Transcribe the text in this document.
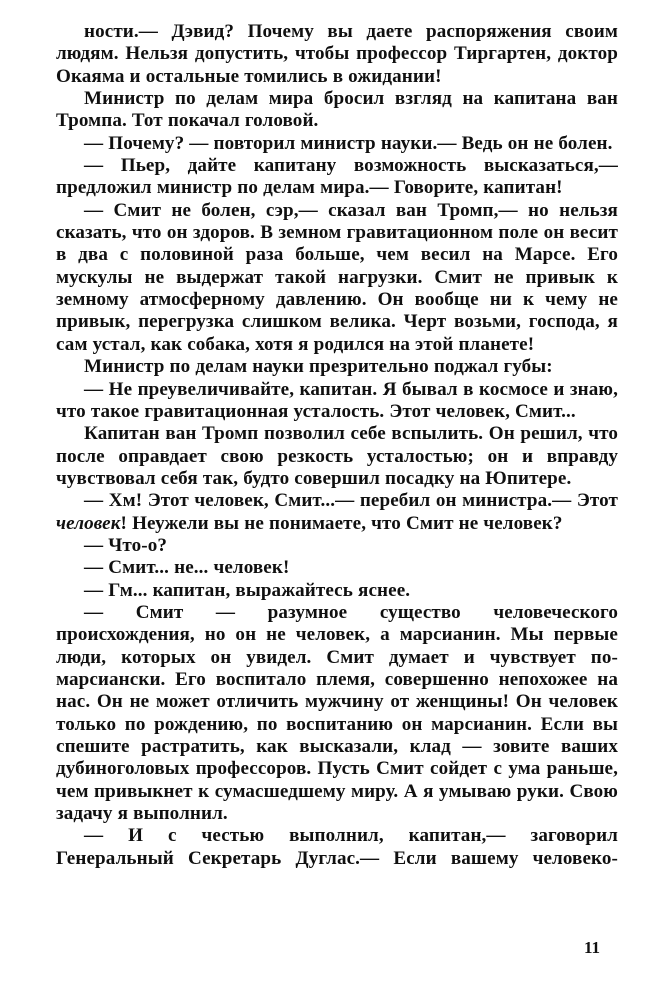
ности.— Дэвид? Почему вы даете распоряжения своим людям. Нельзя допустить, чтобы профессор Тиргартен, доктор Окаяма и остальные томились в ожидании!

Министр по делам мира бросил взгляд на капитана ван Тромпа. Тот покачал головой.

— Почему? — повторил министр науки.— Ведь он не болен.

— Пьер, дайте капитану возможность высказаться,— предложил министр по делам мира.— Говорите, капитан!

— Смит не болен, сэр,— сказал ван Тромп,— но нельзя сказать, что он здоров. В земном гравитационном поле он весит в два с половиной раза больше, чем весил на Марсе. Его мускулы не выдержат такой нагрузки. Смит не привык к земному атмосферному давлению. Он вообще ни к чему не привык, перегрузка слишком велика. Черт возьми, господа, я сам устал, как собака, хотя я родился на этой планете!

Министр по делам науки презрительно поджал губы:

— Не преувеличивайте, капитан. Я бывал в космосе и знаю, что такое гравитационная усталость. Этот человек, Смит...

Капитан ван Тромп позволил себе вспылить. Он решил, что после оправдает свою резкость усталостью; он и вправду чувствовал себя так, будто совершил посадку на Юпитере.

— Хм! Этот человек, Смит...— перебил он министра.— Этот человек! Неужели вы не понимаете, что Смит не человек?

— Что-о?

— Смит... не... человек!

— Гм... капитан, выражайтесь яснее.

— Смит — разумное существо человеческого происхождения, но он не человек, а марсианин. Мы первые люди, которых он увидел. Смит думает и чувствует по-марсиански. Его воспитало племя, совершенно непохожее на нас. Он не может отличить мужчину от женщины! Он человек только по рождению, по воспитанию он марсианин. Если вы спешите растратить, как высказали, клад — зовите ваших дубиноголовых профессоров. Пусть Смит сойдет с ума раньше, чем привыкнет к сумасшедшему миру. А я умываю руки. Свою задачу я выполнил.

— И с честью выполнил, капитан,— заговорил Генеральный Секретарь Дуглас.— Если вашему человеко-

11
